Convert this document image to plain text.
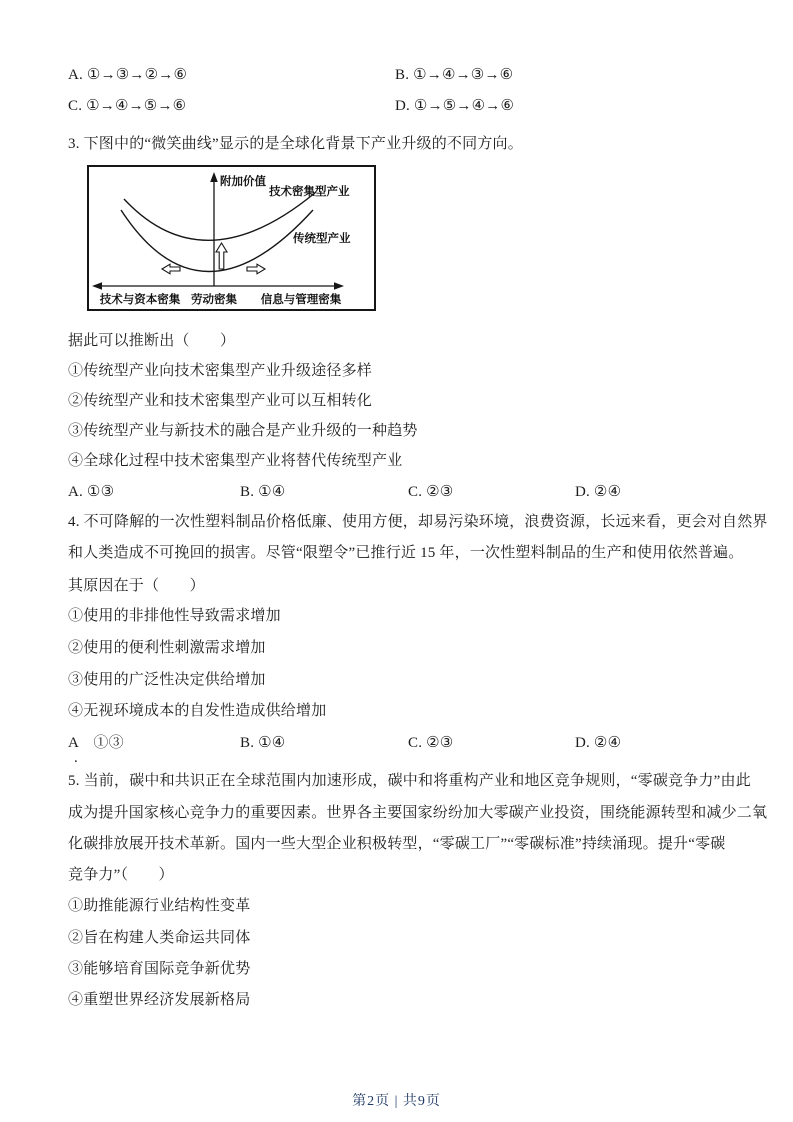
A. ①→③→②→⑥	B. ①→④→③→⑥
C. ①→④→⑤→⑥	D. ①→⑤→④→⑥
3. 下图中的“微笑曲线”显示的是全球化背景下产业升级的不同方向。
附加价值
技术密集型产业
传统型产业
技术与资本密集 劳动密集 信息与管理密集
据此可以推断出（　　）
①传统型产业向技术密集型产业升级途径多样
②传统型产业和技术密集型产业可以互相转化
③传统型产业与新技术的融合是产业升级的一种趋势
④全球化过程中技术密集型产业将替代传统型产业
A. ①③	B. ①④	C. ②③	D. ②④
4. 不可降解的一次性塑料制品价格低廉、使用方便，却易污染环境，浪费资源，长远来看，更会对自然界
和人类造成不可挽回的损害。尽管“限塑令”已推行近 15 年，一次性塑料制品的生产和使用依然普遍。
其原因在于（　　）
①使用的非排他性导致需求增加
②使用的便利性刺激需求增加
③使用的广泛性决定供给增加
④无视环境成本的自发性造成供给增加
A　①③	B. ①④	C. ②③	D. ②④
.
5. 当前，碳中和共识正在全球范围内加速形成，碳中和将重构产业和地区竞争规则，“零碳竞争力”由此
成为提升国家核心竞争力的重要因素。世界各主要国家纷纷加大零碳产业投资，围绕能源转型和减少二氧
化碳排放展开技术革新。国内一些大型企业积极转型，“零碳工厂”“零碳标准”持续涌现。提升“零碳
竞争力”（　　）
①助推能源行业结构性变革
②旨在构建人类命运共同体
③能够培育国际竞争新优势
④重塑世界经济发展新格局
第2页 | 共9页
